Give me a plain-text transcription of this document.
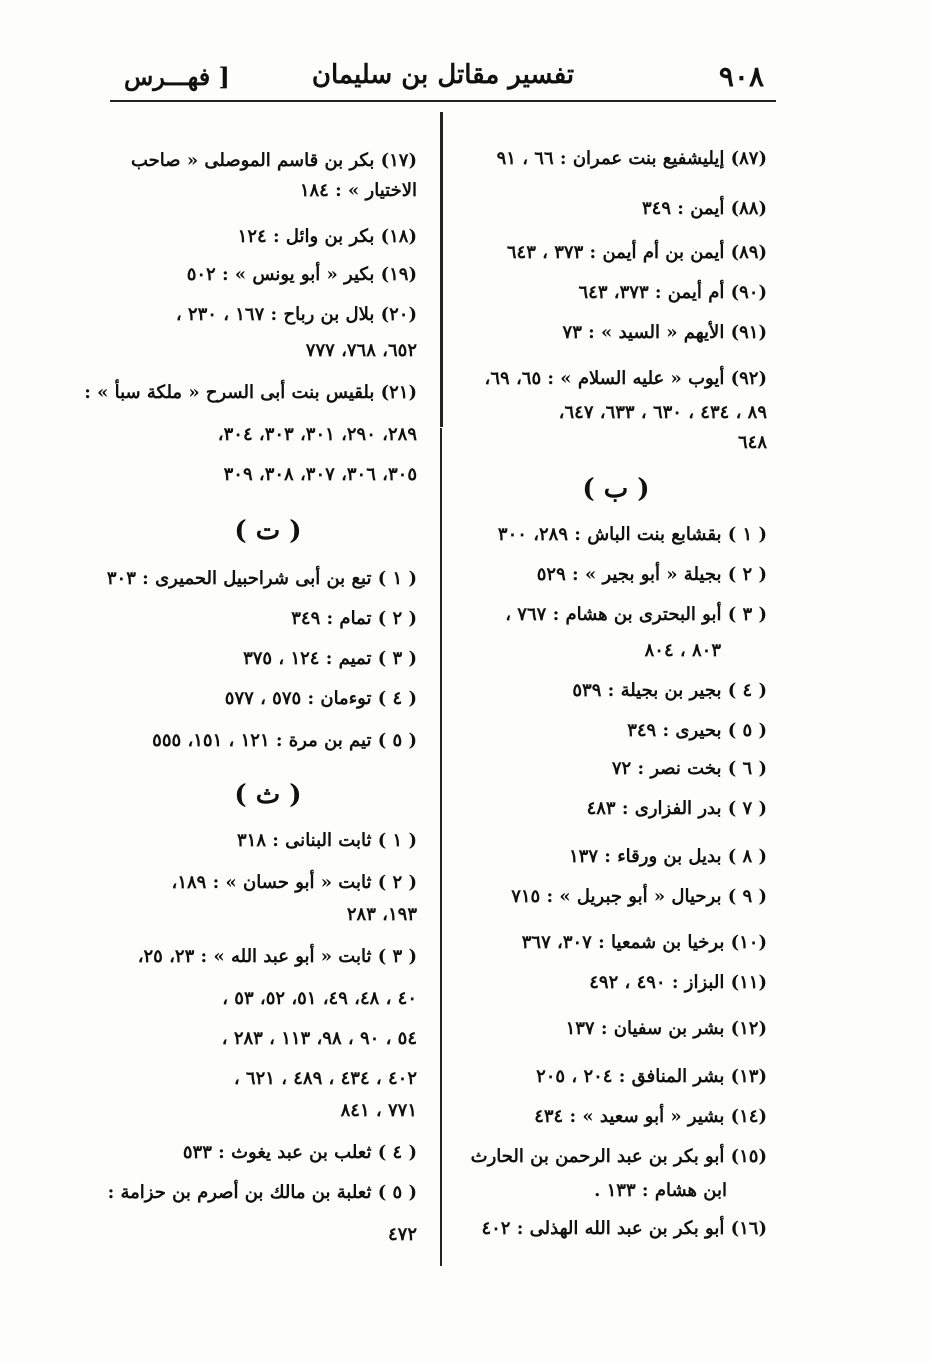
٩٠٨
تفسير مقاتل بن سليمان
[ فهـــرس
(٨٧) إيليشفيع بنت عمران : ٦٦ ، ٩١
(٨٨) أيمن : ٣٤٩
(٨٩) أيمن بن أم أيمن : ٣٧٣ ، ٦٤٣
(٩٠) أم أيمن : ٣٧٣، ٦٤٣
(٩١) الأيهم « السيد » : ٧٣
(٩٢) أيوب « عليه السلام » : ٦٥، ٦٩،
٨٩ ، ٤٣٤ ، ٦٣٠ ، ٦٣٣، ٦٤٧،
٦٤٨
( ب )
( ١ ) بقشابع بنت الباش : ٢٨٩، ٣٠٠
( ٢ ) بجيلة « أبو بجير » : ٥٢٩
( ٣ ) أبو البحترى بن هشام : ٧٦٧ ،
٨٠٣ ، ٨٠٤
( ٤ ) بجير بن بجيلة : ٥٣٩
( ٥ ) بحيرى : ٣٤٩
( ٦ ) بخت نصر : ٧٢
( ٧ ) بدر الفزارى : ٤٨٣
( ٨ ) بديل بن ورقاء : ١٣٧
( ٩ ) برحيال « أبو جبريل » : ٧١٥
(١٠) برخيا بن شمعيا : ٣٠٧، ٣٦٧
(١١) البزاز : ٤٩٠ ، ٤٩٢
(١٢) بشر بن سفيان : ١٣٧
(١٣) بشر المنافق : ٢٠٤ ، ٢٠٥
(١٤) بشير « أبو سعيد » : ٤٣٤
(١٥) أبو بكر بن عبد الرحمن بن الحارث
ابن هشام : ١٣٣ .
(١٦) أبو بكر بن عبد الله الهذلى : ٤٠٢
(١٧) بكر بن قاسم الموصلى « صاحب
الاختيار » : ١٨٤
(١٨) بكر بن وائل : ١٢٤
(١٩) بكير « أبو يونس » : ٥٠٢
(٢٠) بلال بن رباح : ١٦٧ ، ٢٣٠ ،
٦٥٢، ٧٦٨، ٧٧٧
(٢١) بلقيس بنت أبى السرح « ملكة سبأ » :
٢٨٩، ٢٩٠، ٣٠١، ٣٠٣، ٣٠٤،
٣٠٥، ٣٠٦، ٣٠٧، ٣٠٨، ٣٠٩
( ت )
( ١ ) تبع بن أبى شراحبيل الحميرى : ٣٠٣
( ٢ ) تمام : ٣٤٩
( ٣ ) تميم : ١٢٤ ، ٣٧٥
( ٤ ) توءمان : ٥٧٥ ، ٥٧٧
( ٥ ) تيم بن مرة : ١٢١ ، ١٥١، ٥٥٥
( ث )
( ١ ) ثابت البنانى : ٣١٨
( ٢ ) ثابت « أبو حسان » : ١٨٩،
١٩٣، ٢٨٣
( ٣ ) ثابت « أبو عبد الله » : ٢٣، ٢٥،
٤٠ ، ٤٨، ٤٩، ٥١، ٥٢، ٥٣ ،
٥٤ ، ٩٠ ، ٩٨، ١١٣ ، ٢٨٣ ،
٤٠٢ ، ٤٣٤ ، ٤٨٩ ، ٦٢١ ،
٧٧١ ، ٨٤١
( ٤ ) ثعلب بن عبد يغوث : ٥٣٣
( ٥ ) ثعلبة بن مالك بن أصرم بن حزامة :
٤٧٢
